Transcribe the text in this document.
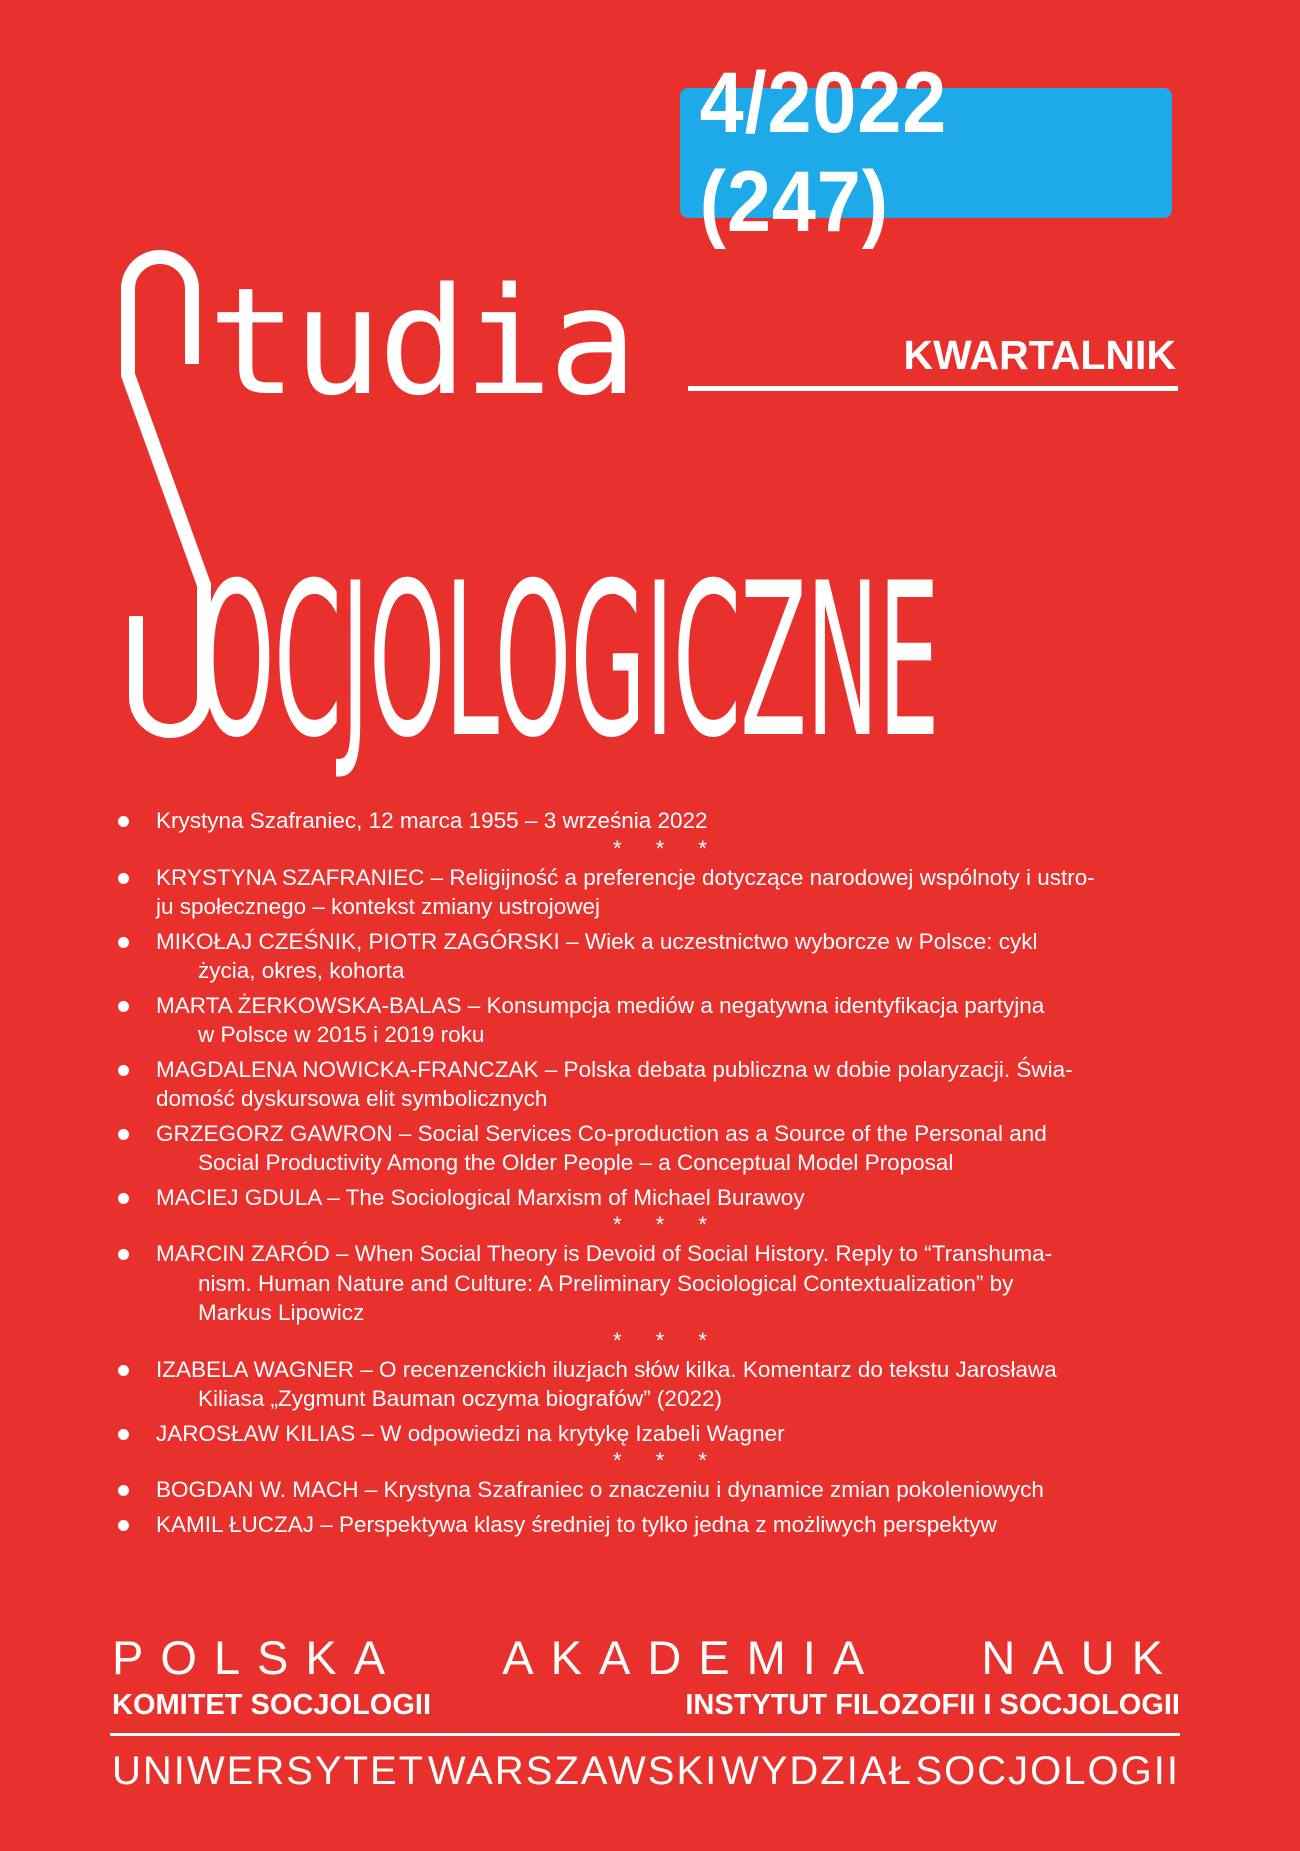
4/2022 (247)
tudia	KWARTALNIK
OCJOLOGICZNE
Krystyna Szafraniec, 12 marca 1955 – 3 września 2022
* * *
KRYSTYNA SZAFRANIEC – Religijność a preferencje dotyczące narodowej wspólnoty i ustro-
ju społecznego – kontekst zmiany ustrojowej
MIKOŁAJ CZEŚNIK, PIOTR ZAGÓRSKI – Wiek a uczestnictwo wyborcze w Polsce: cykl
życia, okres, kohorta
MARTA ŻERKOWSKA-BALAS – Konsumpcja mediów a negatywna identyfikacja partyjna
w Polsce w 2015 i 2019 roku
MAGDALENA NOWICKA-FRANCZAK – Polska debata publiczna w dobie polaryzacji. Świa-
domość dyskursowa elit symbolicznych
GRZEGORZ GAWRON – Social Services Co-production as a Source of the Personal and
Social Productivity Among the Older People – a Conceptual Model Proposal
MACIEJ GDULA – The Sociological Marxism of Michael Burawoy
* * *
MARCIN ZARÓD – When Social Theory is Devoid of Social History. Reply to “Transhuma-
nism. Human Nature and Culture: A Preliminary Sociological Contextualization” by
Markus Lipowicz
* * *
IZABELA WAGNER – O recenzenckich iluzjach słów kilka. Komentarz do tekstu Jarosława
Kiliasa „Zygmunt Bauman oczyma biografów” (2022)
JAROSŁAW KILIAS – W odpowiedzi na krytykę Izabeli Wagner
* * *
BOGDAN W. MACH – Krystyna Szafraniec o znaczeniu i dynamice zmian pokoleniowych
KAMIL ŁUCZAJ – Perspektywa klasy średniej to tylko jedna z możliwych perspektyw
POLSKA AKADEMIA NAUK
KOMITET SOCJOLOGII	INSTYTUT FILOZOFII I SOCJOLOGII
UNIWERSYTET WARSZAWSKI WYDZIAŁ SOCJOLOGII
